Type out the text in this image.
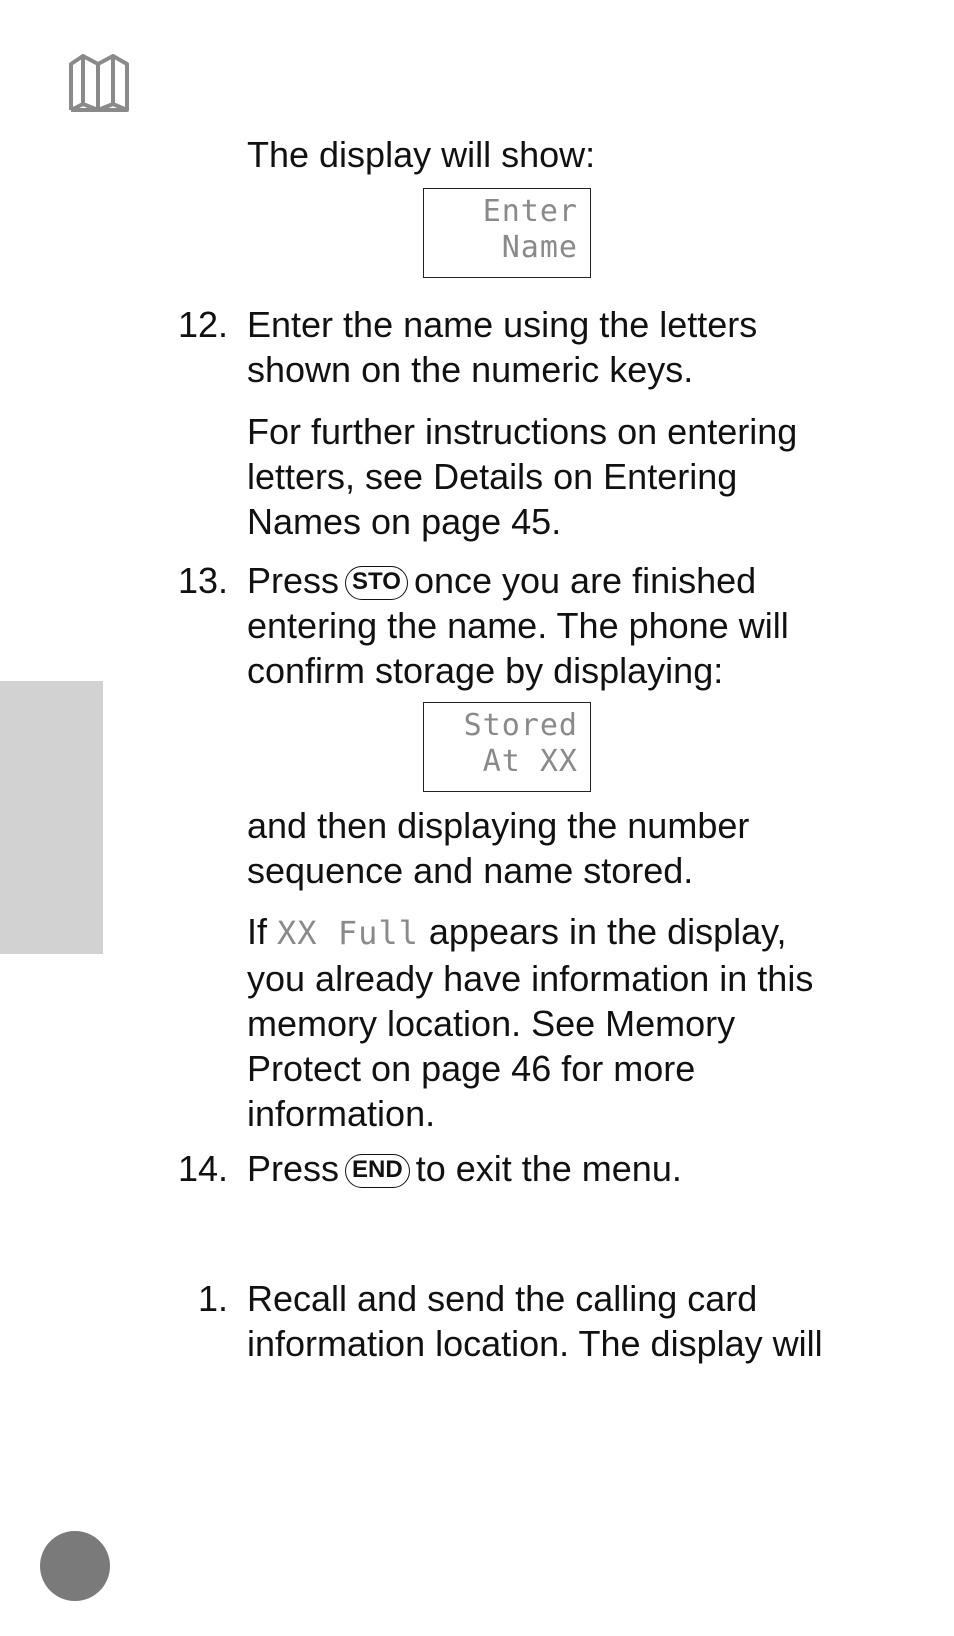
The display will show:

Enter
Name
12. Enter the name using the letters
shown on the numeric keys.

For further instructions on entering
letters, see Details on Entering
Names on page 45.

13. Press STO once you are finished
entering the name. The phone will
confirm storage by displaying:

Stored
At XX

and then displaying the number
sequence and name stored.

If XX Full appears in the display,
you already have information in this
memory location. See Memory
Protect on page 46 for more
information.

14. Press END to exit the menu.

1. Recall and send the calling card
information location. The display will
